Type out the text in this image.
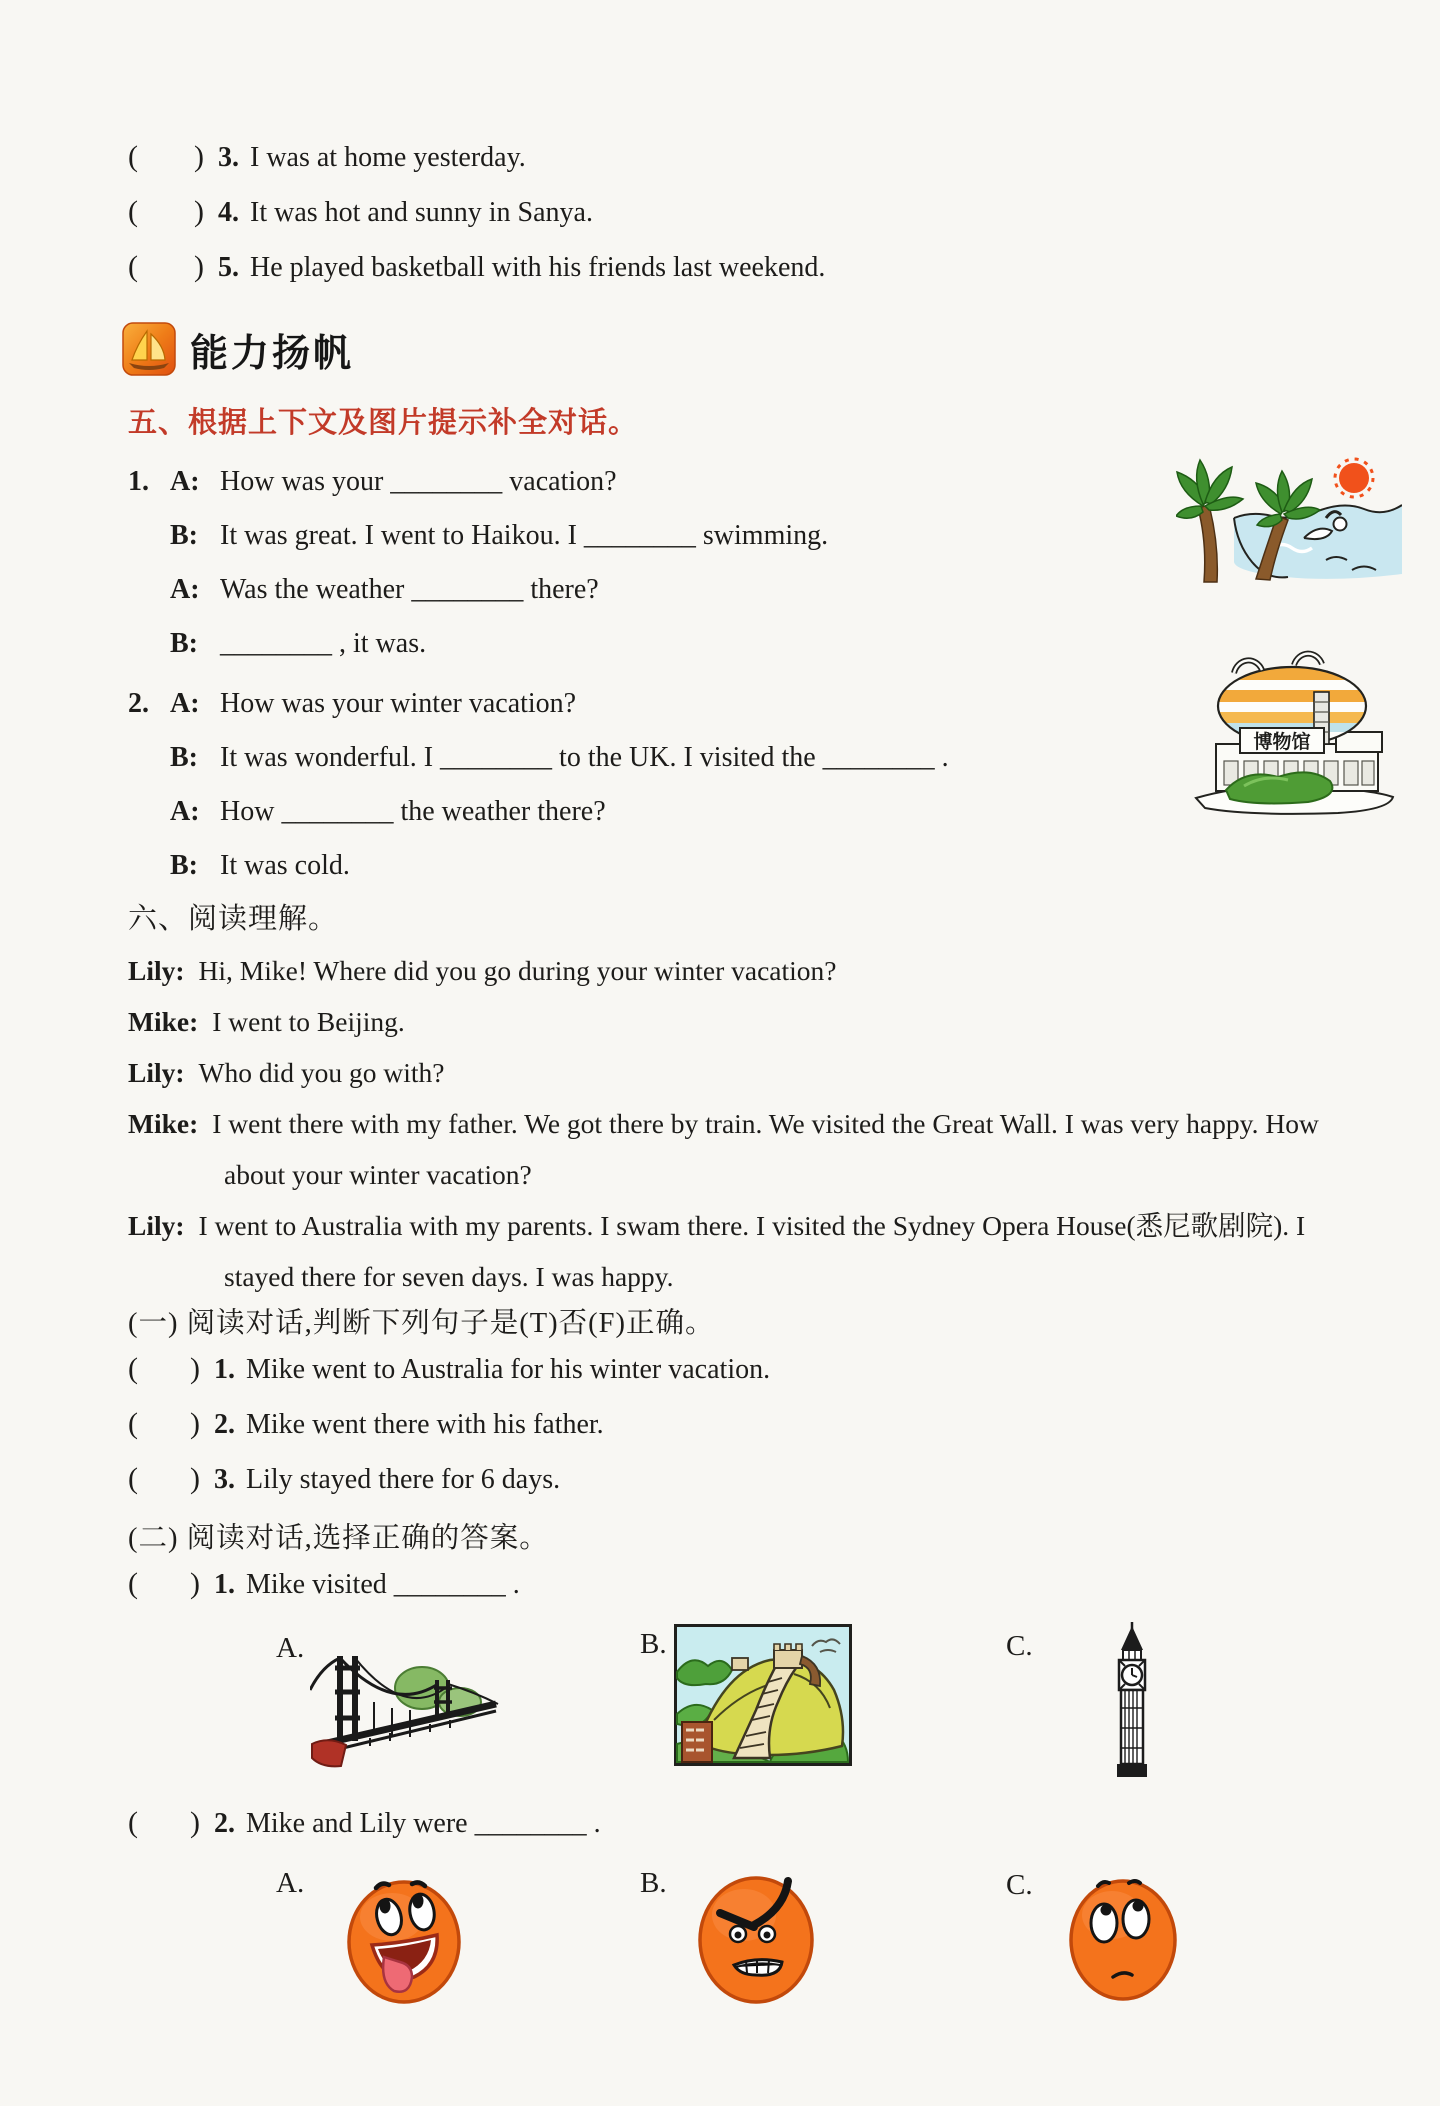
( ) 3. I was at home yesterday.
( ) 4. It was hot and sunny in Sanya.
( ) 5. He played basketball with his friends last weekend.
能力扬帆
五、根据上下文及图片提示补全对话。
1. A: How was your ________ vacation?
B: It was great. I went to Haikou. I ________ swimming.
A: Was the weather ________ there?
B: ________ , it was.
2. A: How was your winter vacation?
B: It was wonderful. I ________ to the UK. I visited the ________ .
A: How ________ the weather there?
B: It was cold.
六、阅读理解。
Lily: Hi, Mike! Where did you go during your winter vacation?
Mike: I went to Beijing.
Lily: Who did you go with?
Mike: I went there with my father. We got there by train. We visited the Great Wall. I was very happy. How about your winter vacation?
Lily: I went to Australia with my parents. I swam there. I visited the Sydney Opera House(悉尼歌剧院). I stayed there for seven days. I was happy.
(一) 阅读对话,判断下列句子是(T)否(F)正确。
( ) 1. Mike went to Australia for his winter vacation.
( ) 2. Mike went there with his father.
( ) 3. Lily stayed there for 6 days.
(二) 阅读对话,选择正确的答案。
( ) 1. Mike visited ________ .
A.	B.	C.
( ) 2. Mike and Lily were ________ .
A.	B.	C.
博物馆
